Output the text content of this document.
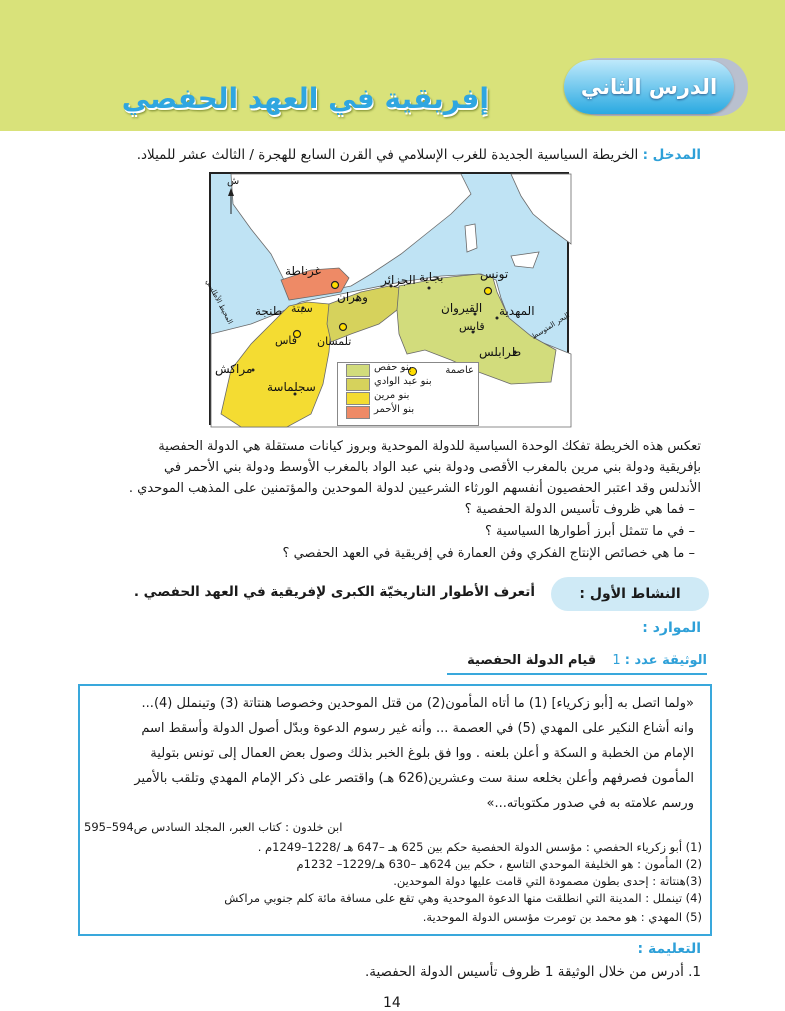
الدرس الثاني
إفريقية في العهد الحفصي
المدخل : الخريطة السياسية الجديدة للغرب الإسلامي في القرن السابع للهجرة / الثالث عشر للميلاد.
ش
غرناطة	بجاية
الجزائر	تونس
وهران
القيروان المهدية
طنجة سبتة
تلمسان
فاس
قابس
طرابلس
مراكش
سجلماسة
المحيط الأطلسي
البحر المتوسط
عاصمة
بنو حفص
بنو عبد الوادي
بنو مرين
بنو الأحمر
تعكس هذه الخريطة تفكك الوحدة السياسية للدولة الموحدية وبروز كيانات مستقلة هي الدولة الحفصية
بإفريقية ودولة بني مرين بالمغرب الأقصى ودولة بني عبد الواد بالمغرب الأوسط ودولة بني الأحمر في
الأندلس وقد اعتبر الحفصيون أنفسهم الورثاء الشرعيين لدولة الموحدين والمؤتمنين على المذهب الموحدي .
– فما هي ظروف تأسيس الدولة الحفصية ؟
– في ما تتمثل أبرز أطوارها السياسية ؟
– ما هي خصائص الإنتاج الفكري وفن العمارة في إفريقية في العهد الحفصي ؟
النشاط الأول :
أتعرف الأطوار التاريخيّة الكبرى لإفريقية في العهد الحفصي .
الموارد :
الوثيقة عدد : 1 قيام الدولة الحفصية
«ولما اتصل به [أبو زكرياء] (1) ما أتاه المأمون(2) من قتل الموحدين وخصوصا هنتاتة (3) وتينملل (4)...
وانه أشاع النكير على المهدي (5) في العصمة ... وأنه غير رسوم الدعوة وبدّل أصول الدولة وأسقط اسم
الإمام من الخطبة و السكة و أعلن بلعنه . ووا فق بلوغ الخبر بذلك وصول بعض العمال إلى تونس بتولية
المأمون فصرفهم وأعلن بخلعه سنة ست وعشرين(626 هـ) واقتصر على ذكر الإمام المهدي وتلقب بالأمير
ورسم علامته به في صدور مكتوباته...»
ابن خلدون : كتاب العبر، المجلد السادس ص594–595
(1) أبو زكرياء الحفصي : مؤسس الدولة الحفصية حكم بين 625 هـ –647 هـ /1228–1249م .
(2) المأمون : هو الخليفة الموحدي التاسع ، حكم بين 624هـ –630 هـ/1229– 1232م
(3)هنتاتة : إحدى بطون مصمودة التي قامت عليها دولة الموحدين.
(4) تينملل : المدينة التي انطلقت منها الدعوة الموحدية وهي تقع على مسافة مائة كلم جنوبي مراكش
(5) المهدي : هو محمد بن تومرت مؤسس الدولة الموحدية.
التعليمة :
1. أدرس من خلال الوثيقة 1 ظروف تأسيس الدولة الحفصية.
14
